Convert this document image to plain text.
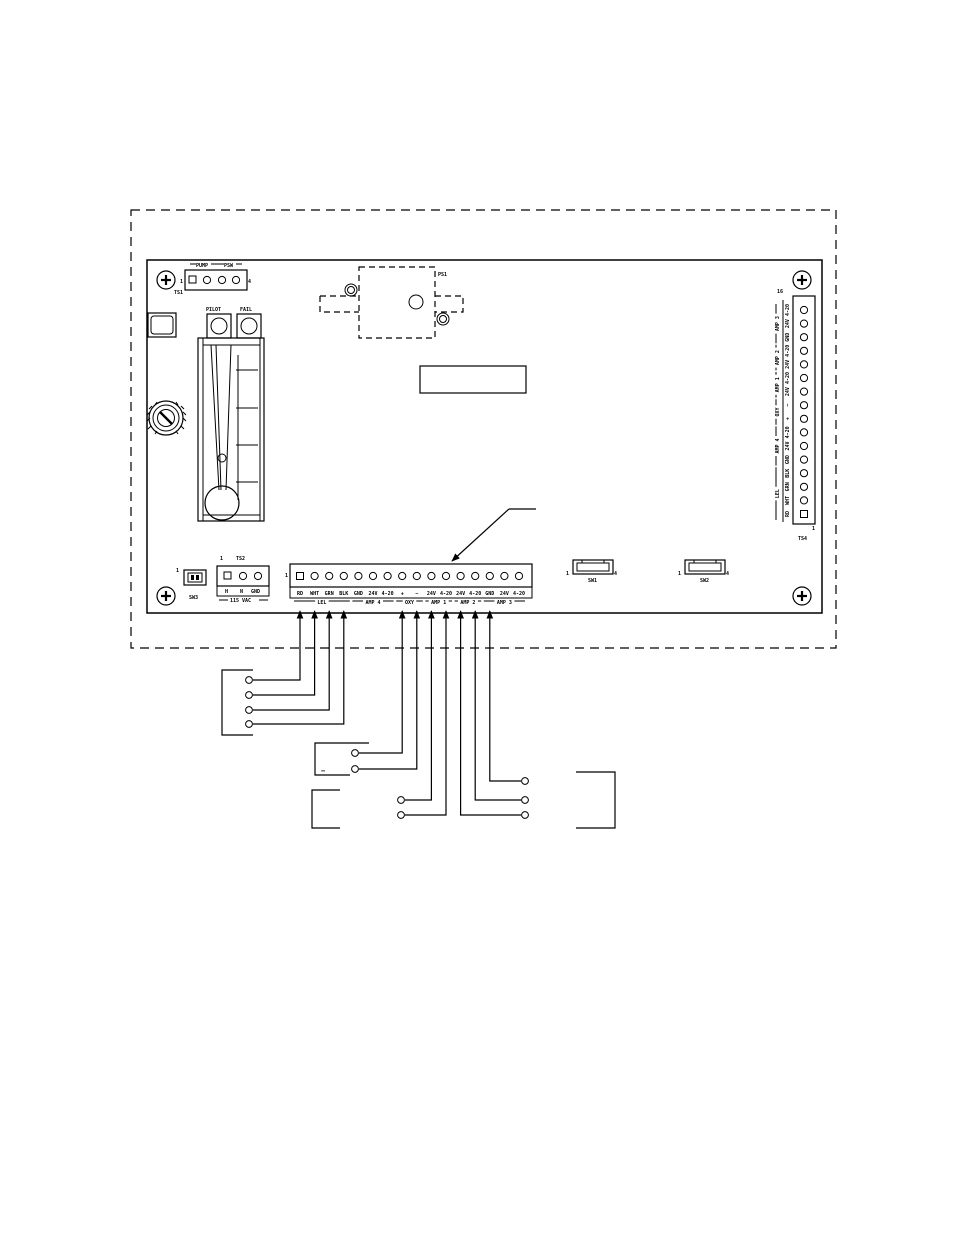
1	4
PUMP	PSW
TS1
PILOT	FAIL
PS1
16
1
TS4
RD
WHT
GRN
BLK
GND
24V
4-20
+
−
24V
4-20
24V
4-20
GND
24V
4-20
LEL
AMP 4
OXY
AMP 1
AMP 2
AMP 3
1
SW3
1	TS2
H N GND
115 VAC
1
RD WHT GRN BLK GND 24V 4-20 + − 24V 4-20 24V 4-20 GND 24V 4-20
LEL	AMP 4	OXY	AMP 1	AMP 2	AMP 3
1	4
SW1
1	4
SW2
−
